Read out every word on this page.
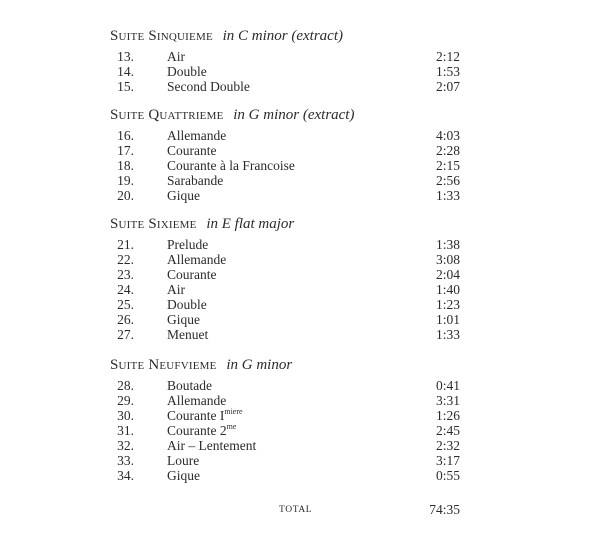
Suite Sinquieme in C minor (extract)
13. Air	2:12
14. Double	1:53
15. Second Double	2:07
Suite Quattrieme in G minor (extract)
16. Allemande	4:03
17. Courante	2:28
18. Courante à la Francoise	2:15
19. Sarabande	2:56
20. Gique	1:33
Suite Sixieme in E flat major
21. Prelude	1:38
22. Allemande	3:08
23. Courante	2:04
24. Air	1:40
25. Double	1:23
26. Gique	1:01
27. Menuet	1:33
Suite Neufvieme in G minor
28. Boutade	0:41
29. Allemande	3:31
30. Courante $I^{miere}$	1:26
31. Courante $2^{me}$	2:45
32. Air – Lentement	2:32
33. Loure	3:17
34. Gique	0:55
TOTAL	74:35
